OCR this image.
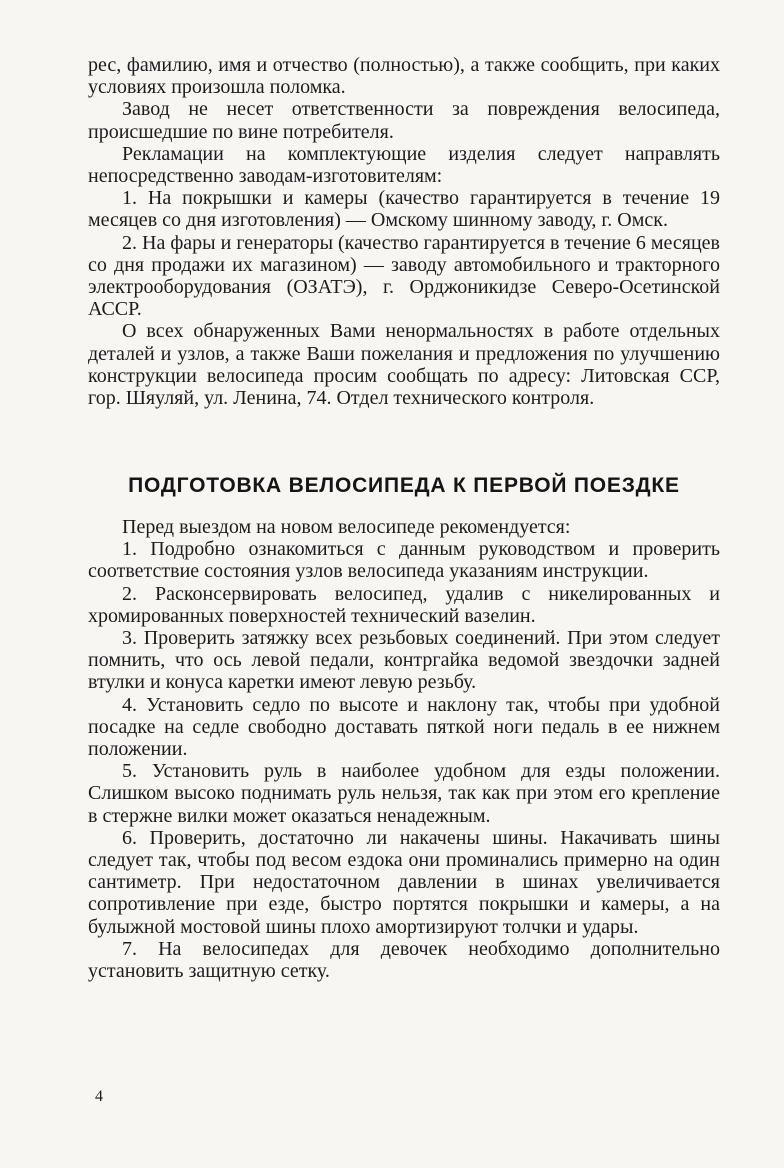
рес, фамилию, имя и отчество (полностью), а также сообщить, при каких условиях произошла поломка.

Завод не несет ответственности за повреждения велосипеда, происшедшие по вине потребителя.

Рекламации на комплектующие изделия следует направлять непосредственно заводам-изготовителям:

1. На покрышки и камеры (качество гарантируется в течение 19 месяцев со дня изготовления) — Омскому шинному заводу, г. Омск.

2. На фары и генераторы (качество гарантируется в течение 6 месяцев со дня продажи их магазином) — заводу автомобильного и тракторного электрооборудования (ОЗАТЭ), г. Орджоникидзе Северо-Осетинской АССР.

О всех обнаруженных Вами ненормальностях в работе отдельных деталей и узлов, а также Ваши пожелания и предложения по улучшению конструкции велосипеда просим сообщать по адресу: Литовская ССР, гор. Шяуляй, ул. Ленина, 74. Отдел технического контроля.

ПОДГОТОВКА ВЕЛОСИПЕДА К ПЕРВОЙ ПОЕЗДКЕ

Перед выездом на новом велосипеде рекомендуется:

1. Подробно ознакомиться с данным руководством и проверить соответствие состояния узлов велосипеда указаниям инструкции.

2. Расконсервировать велосипед, удалив с никелированных и хромированных поверхностей технический вазелин.

3. Проверить затяжку всех резьбовых соединений. При этом следует помнить, что ось левой педали, контргайка ведомой звездочки задней втулки и конуса каретки имеют левую резьбу.

4. Установить седло по высоте и наклону так, чтобы при удобной посадке на седле свободно доставать пяткой ноги педаль в ее нижнем положении.

5. Установить руль в наиболее удобном для езды положении. Слишком высоко поднимать руль нельзя, так как при этом его крепление в стержне вилки может оказаться ненадежным.

6. Проверить, достаточно ли накачены шины. Накачивать шины следует так, чтобы под весом ездока они проминались примерно на один сантиметр. При недостаточном давлении в шинах увеличивается сопротивление при езде, быстро портятся покрышки и камеры, а на булыжной мостовой шины плохо амортизируют толчки и удары.

7. На велосипедах для девочек необходимо дополнительно установить защитную сетку.

4
